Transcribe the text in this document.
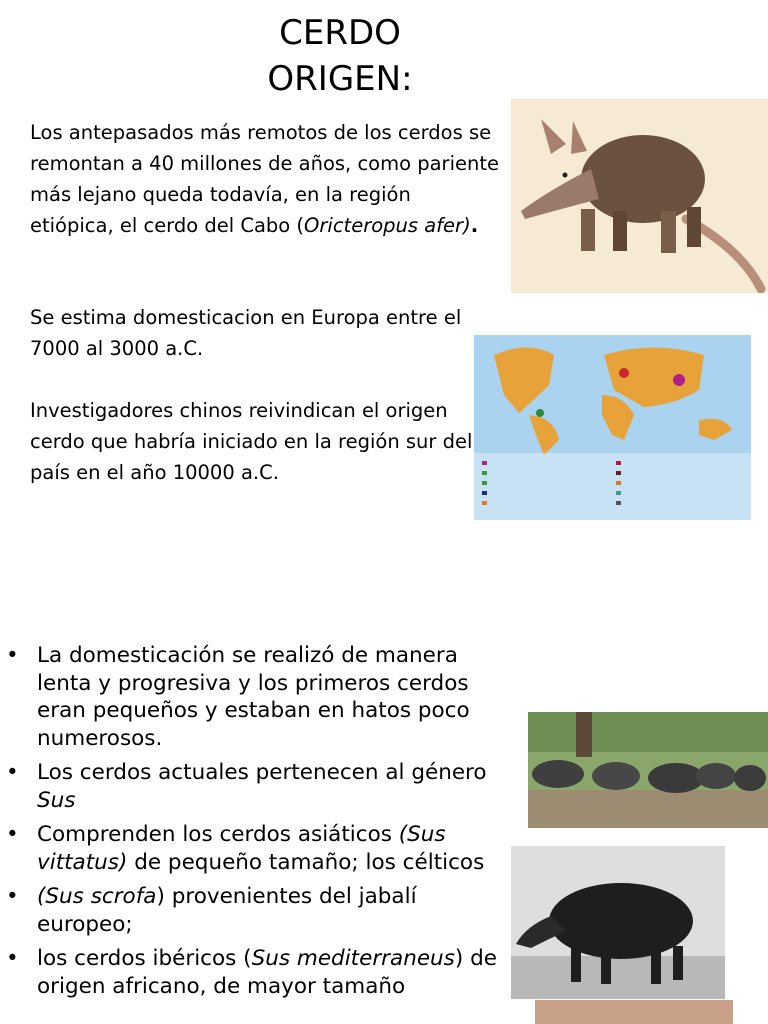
CERDO
ORIGEN:

Los antepasados más remotos de los cerdos se remontan a 40 millones de años, como pariente más lejano queda todavía, en la región etiópica, el cerdo del Cabo (Oricteropus afer).

Se estima domesticacion en Europa entre el 7000 al 3000 a.C.

Investigadores chinos reivindican el origen cerdo que habría iniciado en la región sur del país en el año 10000 a.C.

• La domesticación se realizó de manera lenta y progresiva y los primeros cerdos eran pequeños y estaban en hatos poco numerosos.
• Los cerdos actuales pertenecen al género Sus
• Comprenden los cerdos asiáticos (Sus vittatus) de pequeño tamaño; los célticos
• (Sus scrofa) provenientes del jabalí europeo;
• los cerdos ibéricos (Sus mediterraneus) de origen africano, de mayor tamaño
